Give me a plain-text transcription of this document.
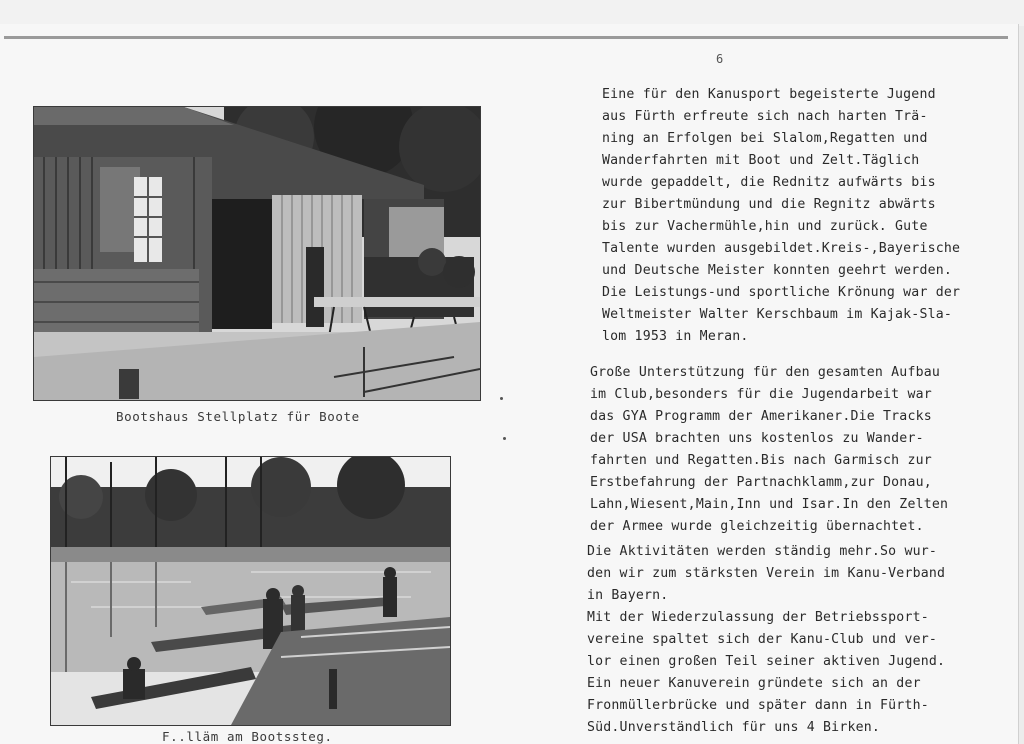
6
Bootshaus Stellplatz für Boote
F..lläm am Bootssteg.
Eine für den Kanusport begeisterte Jugend
aus Fürth erfreute sich nach harten Trä-
ning an Erfolgen bei Slalom,Regatten und
Wanderfahrten mit Boot und Zelt.Täglich
wurde gepaddelt, die Rednitz aufwärts bis
zur Bibertmündung und die Regnitz abwärts
bis zur Vachermühle,hin und zurück. Gute
Talente wurden ausgebildet.Kreis-,Bayerische
und Deutsche Meister konnten geehrt werden.
Die Leistungs-und sportliche Krönung war der
Weltmeister Walter Kerschbaum im Kajak-Sla-
lom 1953 in Meran.
Große Unterstützung für den gesamten Aufbau
im Club,besonders für die Jugendarbeit war
das GYA Programm der Amerikaner.Die Tracks
der USA brachten uns kostenlos zu Wander-
fahrten und Regatten.Bis nach Garmisch zur
Erstbefahrung der Partnachklamm,zur Donau,
Lahn,Wiesent,Main,Inn und Isar.In den Zelten
der Armee wurde gleichzeitig übernachtet.
Die Aktivitäten werden ständig mehr.So wur-
den wir zum stärksten Verein im Kanu-Verband
in Bayern.
Mit der Wiederzulassung der Betriebssport-
vereine spaltet sich der Kanu-Club und ver-
lor einen großen Teil seiner aktiven Jugend.
Ein neuer Kanuverein gründete sich an der
Fronmüllerbrücke und später dann in Fürth-
Süd.Unverständlich für uns 4 Birken.
